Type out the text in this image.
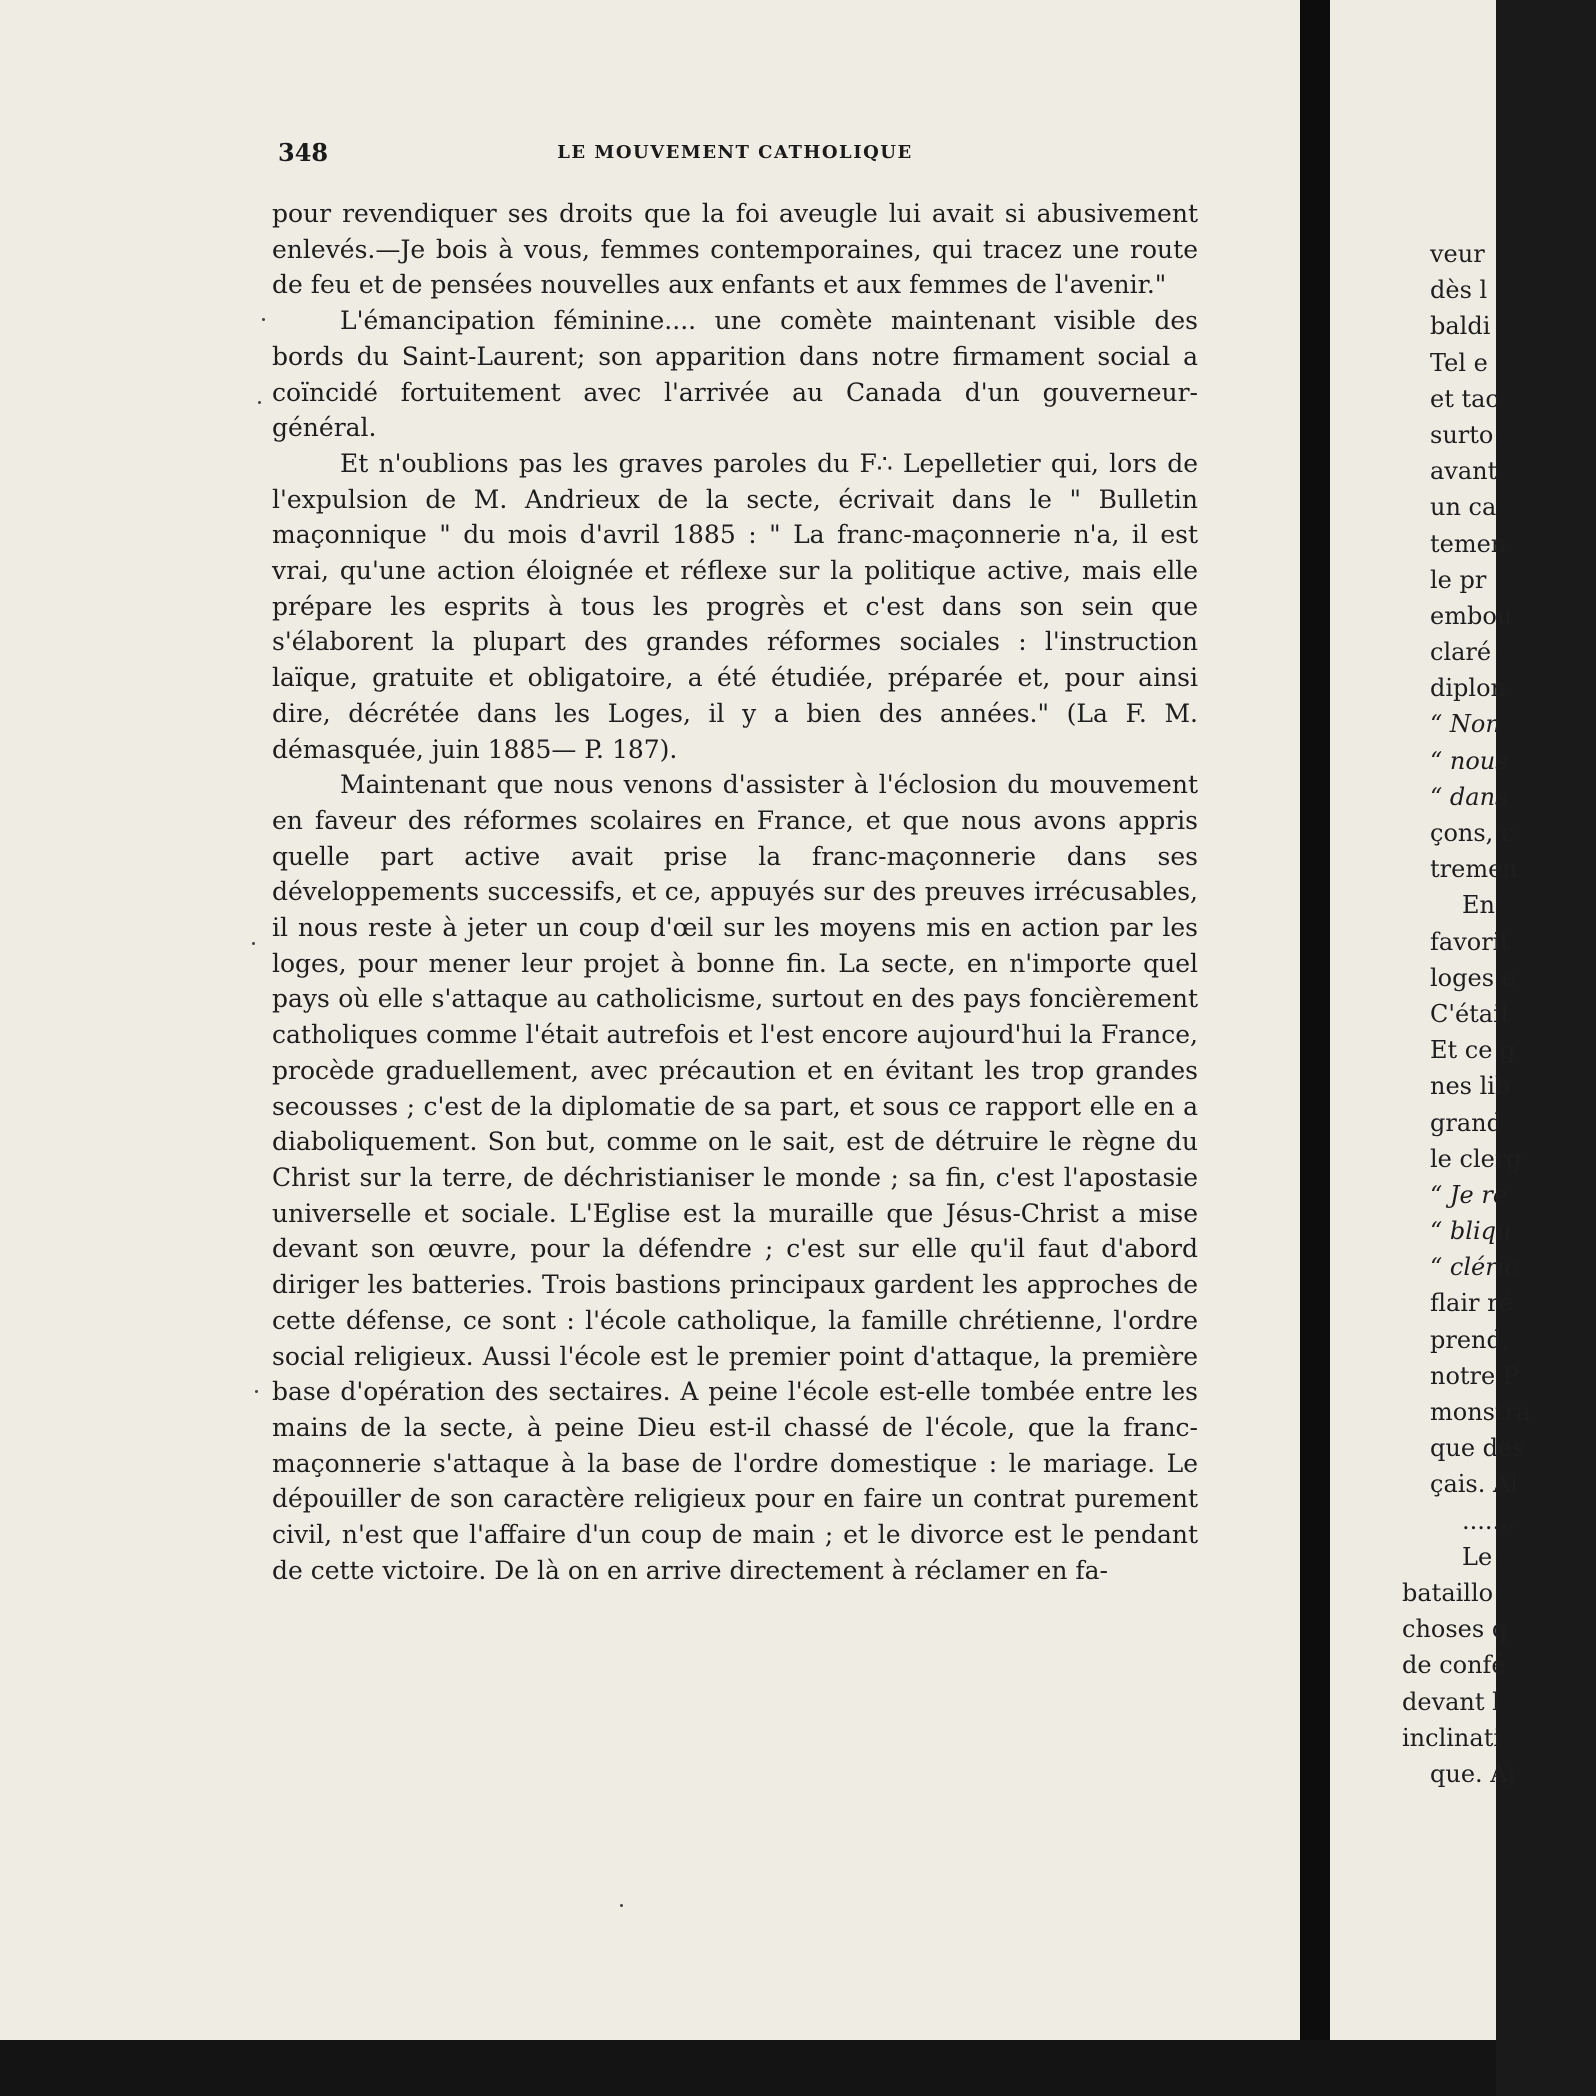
348	LE MOUVEMENT CATHOLIQUE

pour revendiquer ses droits que la foi aveugle lui avait si abusivement enlevés.—Je bois à vous, femmes contemporaines, qui tracez une route de feu et de pensées nouvelles aux enfants et aux femmes de l'avenir."

L'émancipation féminine.... une comète maintenant visible des bords du Saint-Laurent; son apparition dans notre firmament social a coïncidé fortuitement avec l'arrivée au Canada d'un gouverneur-général.

Et n'oublions pas les graves paroles du F∴ Lepelletier qui, lors de l'expulsion de M. Andrieux de la secte, écrivait dans le " Bulletin maçonnique " du mois d'avril 1885 : " La franc-maçonnerie n'a, il est vrai, qu'une action éloignée et réflexe sur la politique active, mais elle prépare les esprits à tous les progrès et c'est dans son sein que s'élaborent la plupart des grandes réformes sociales : l'instruction laïque, gratuite et obligatoire, a été étudiée, préparée et, pour ainsi dire, décrétée dans les Loges, il y a bien des années." (La F. M. démasquée, juin 1885— P. 187).

Maintenant que nous venons d'assister à l'éclosion du mouvement en faveur des réformes scolaires en France, et que nous avons appris quelle part active avait prise la franc-maçonnerie dans ses développements successifs, et ce, appuyés sur des preuves irrécusables, il nous reste à jeter un coup d'œil sur les moyens mis en action par les loges, pour mener leur projet à bonne fin. La secte, en n'importe quel pays où elle s'attaque au catholicisme, surtout en des pays foncièrement catholiques comme l'était autrefois et l'est encore aujourd'hui la France, procède graduellement, avec précaution et en évitant les trop grandes secousses ; c'est de la diplomatie de sa part, et sous ce rapport elle en a diaboliquement. Son but, comme on le sait, est de détruire le règne du Christ sur la terre, de déchristianiser le monde ; sa fin, c'est l'apostasie universelle et sociale. L'Eglise est la muraille que Jésus-Christ a mise devant son œuvre, pour la défendre ; c'est sur elle qu'il faut d'abord diriger les batteries. Trois bastions principaux gardent les approches de cette défense, ce sont : l'école catholique, la famille chrétienne, l'ordre social religieux. Aussi l'école est le premier point d'attaque, la première base d'opération des sectaires. A peine l'école est-elle tombée entre les mains de la secte, à peine Dieu est-il chassé de l'école, que la franc-maçonnerie s'attaque à la base de l'ordre domestique : le mariage. Le dépouiller de son caractère religieux pour en faire un contrat purement civil, n'est que l'affaire d'un coup de main ; et le divorce est le pendant de cette victoire. De là on en arrive directement à réclamer en fa-

veur
dès l
baldi
Tel e
et tac
surto
avant
un ca
temen
le pr
embou
claré
diplon
“ Non
“ nous
“ dans
çons, c
tremen
En
favorit
loges e
C'était
Et ce g
nes lib
grand
le clerg
“ Je re
“ bliqu
“ cléric
flair ré
prend,
notre P
monstra
que des
çais. Al
.......
Le
bataillo
choses q
de confé
devant l
inclinati
que. Aj
